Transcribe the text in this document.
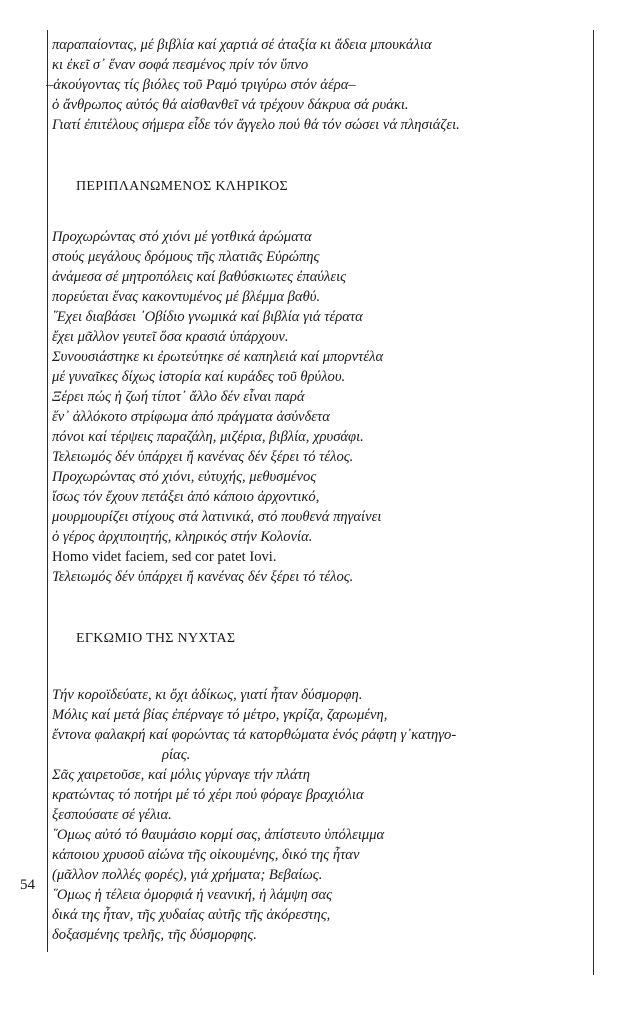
παραπαίοντας, μέ βιβλία καί χαρτιά σέ ἀταξία κι ἄδεια μπουκάλια
κι ἐκεῖ σ᾽ ἕναν σοφά πεσμένος πρίν τόν ὕπνο
–ἀκούγοντας τίς βιόλες τοῦ Ραμό τριγύρω στόν ἀέρα–
ὁ ἄνθρωπος αὐτός θά αἰσθανθεῖ νά τρέχουν δάκρυα σά ρυάκι.
Γιατί ἐπιτέλους σήμερα εἶδε τόν ἄγγελο πού θά τόν σώσει νά πλησιάζει.
ΠΕΡΙΠΛΑΝΩΜΕΝΟΣ ΚΛΗΡΙΚΟΣ
Προχωρώντας στό χιόνι μέ γοτθικά ἀρώματα
στούς μεγάλους δρόμους τῆς πλατιᾶς Εὐρώπης
ἀνάμεσα σέ μητροπόλεις καί βαθύσκιωτες ἐπαύλεις
πορεύεται ἕνας κακοντυμένος μέ βλέμμα βαθύ.
῞Εχει διαβάσει ᾽Οβίδιο γνωμικά καί βιβλία γιά τέρατα
ἔχει μᾶλλον γευτεῖ ὅσα κρασιά ὑπάρχουν.
Συνουσιάστηκε κι ἐρωτεύτηκε σέ καπηλειά καί μπορντέλα
μέ γυναῖκες δίχως ἱστορία καί κυράδες τοῦ θρύλου.
Ξέρει πώς ἡ ζωή τίποτ᾽ ἄλλο δέν εἶναι παρά
ἕν᾽ ἀλλόκοτο στρίφωμα ἀπό πράγματα ἀσύνδετα
πόνοι καί τέρψεις παραζάλη, μιζέρια, βιβλία, χρυσάφι.
Τελειωμός δέν ὑπάρχει ἤ κανένας δέν ξέρει τό τέλος.
Προχωρώντας στό χιόνι, εὐτυχής, μεθυσμένος
ἴσως τόν ἔχουν πετάξει ἀπό κάποιο ἀρχοντικό,
μουρμουρίζει στίχους στά λατινικά, στό πουθενά πηγαίνει
ὁ γέρος ἀρχιποιητής, κληρικός στήν Κολονία.
Homo videt faciem, sed cor patet Iovi.
Τελειωμός δέν ὑπάρχει ἤ κανένας δέν ξέρει τό τέλος.
ΕΓΚΩΜΙΟ ΤΗΣ ΝΥΧΤΑΣ
Τήν κοροϊδεύατε, κι ὄχι ἀδίκως, γιατί ἦταν δύσμορφη.
Μόλις καί μετά βίας ἐπέρναγε τό μέτρο, γκρίζα, ζαρωμένη,
ἔντονα φαλακρή καί φορώντας τά κατορθώματα ἑνός ράφτη γ᾽κατηγο-
ρίας.
Σᾶς χαιρετοῦσε, καί μόλις γύρναγε τήν πλάτη
κρατώντας τό ποτήρι μέ τό χέρι πού φόραγε βραχιόλια
ξεσπούσατε σέ γέλια.
῞Ομως αὐτό τό θαυμάσιο κορμί σας, ἀπίστευτο ὑπόλειμμα
κάποιου χρυσοῦ αἰώνα τῆς οἰκουμένης, δικό της ἦταν
(μᾶλλον πολλές φορές), γιά χρήματα; Βεβαίως.
῞Ομως ἡ τέλεια ὀμορφιά ἡ νεανική, ἡ λάμψη σας
δικά της ἦταν, τῆς χυδαίας αὐτῆς τῆς ἀκόρεστης,
δοξασμένης τρελῆς, τῆς δύσμορφης.
54
